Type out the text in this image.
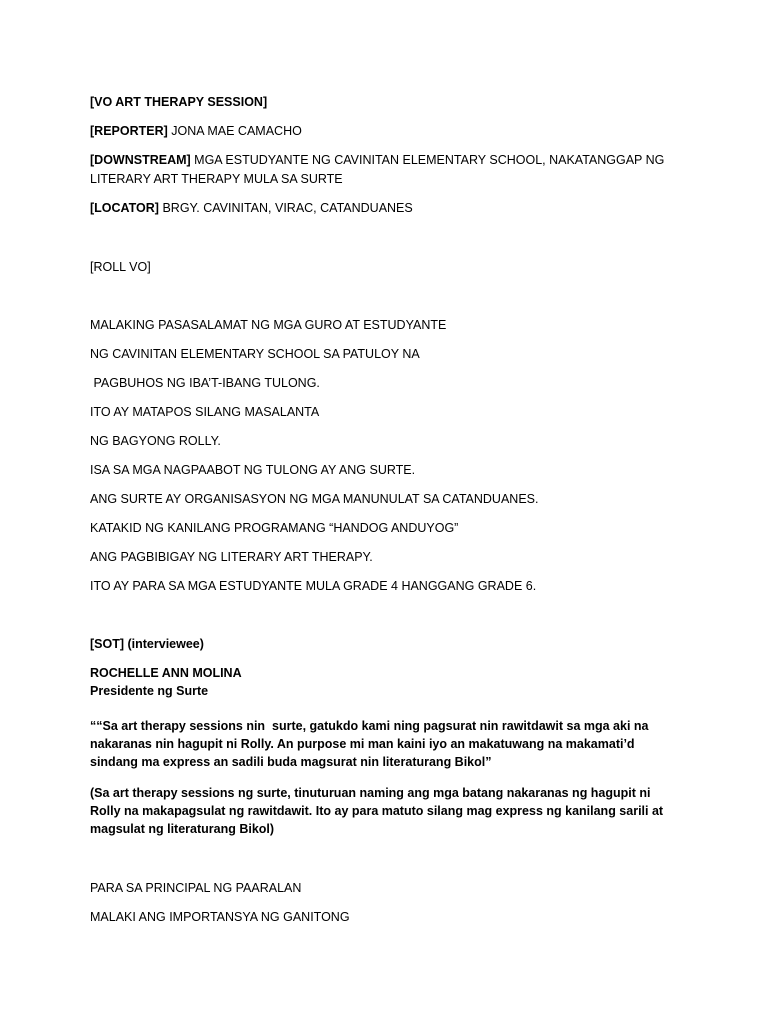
[VO ART THERAPY SESSION]
[REPORTER] JONA MAE CAMACHO
[DOWNSTREAM] MGA ESTUDYANTE NG CAVINITAN ELEMENTARY SCHOOL, NAKATANGGAP NG
LITERARY ART THERAPY MULA SA SURTE
[LOCATOR] BRGY. CAVINITAN, VIRAC, CATANDUANES
[ROLL VO]
MALAKING PASASALAMAT NG MGA GURO AT ESTUDYANTE
NG CAVINITAN ELEMENTARY SCHOOL SA PATULOY NA
PAGBUHOS NG IBA’T-IBANG TULONG.
ITO AY MATAPOS SILANG MASALANTA
NG BAGYONG ROLLY.
ISA SA MGA NAGPAABOT NG TULONG AY ANG SURTE.
ANG SURTE AY ORGANISASYON NG MGA MANUNULAT SA CATANDUANES.
KATAKID NG KANILANG PROGRAMANG “HANDOG ANDUYOG”
ANG PAGBIBIGAY NG LITERARY ART THERAPY.
ITO AY PARA SA MGA ESTUDYANTE MULA GRADE 4 HANGGANG GRADE 6.
[SOT] (interviewee)
ROCHELLE ANN MOLINA
Presidente ng Surte
““Sa art therapy sessions nin  surte, gatukdo kami ning pagsurat nin rawitdawit sa mga aki na nakaranas nin hagupit ni Rolly. An purpose mi man kaini iyo an makatuwang na makamati’d sindang ma express an sadili buda magsurat nin literaturang Bikol”
(Sa art therapy sessions ng surte, tinuturuan naming ang mga batang nakaranas ng hagupit ni Rolly na makapagsulat ng rawitdawit. Ito ay para matuto silang mag express ng kanilang sarili at magsulat ng literaturang Bikol)
PARA SA PRINCIPAL NG PAARALAN
MALAKI ANG IMPORTANSYA NG GANITONG
